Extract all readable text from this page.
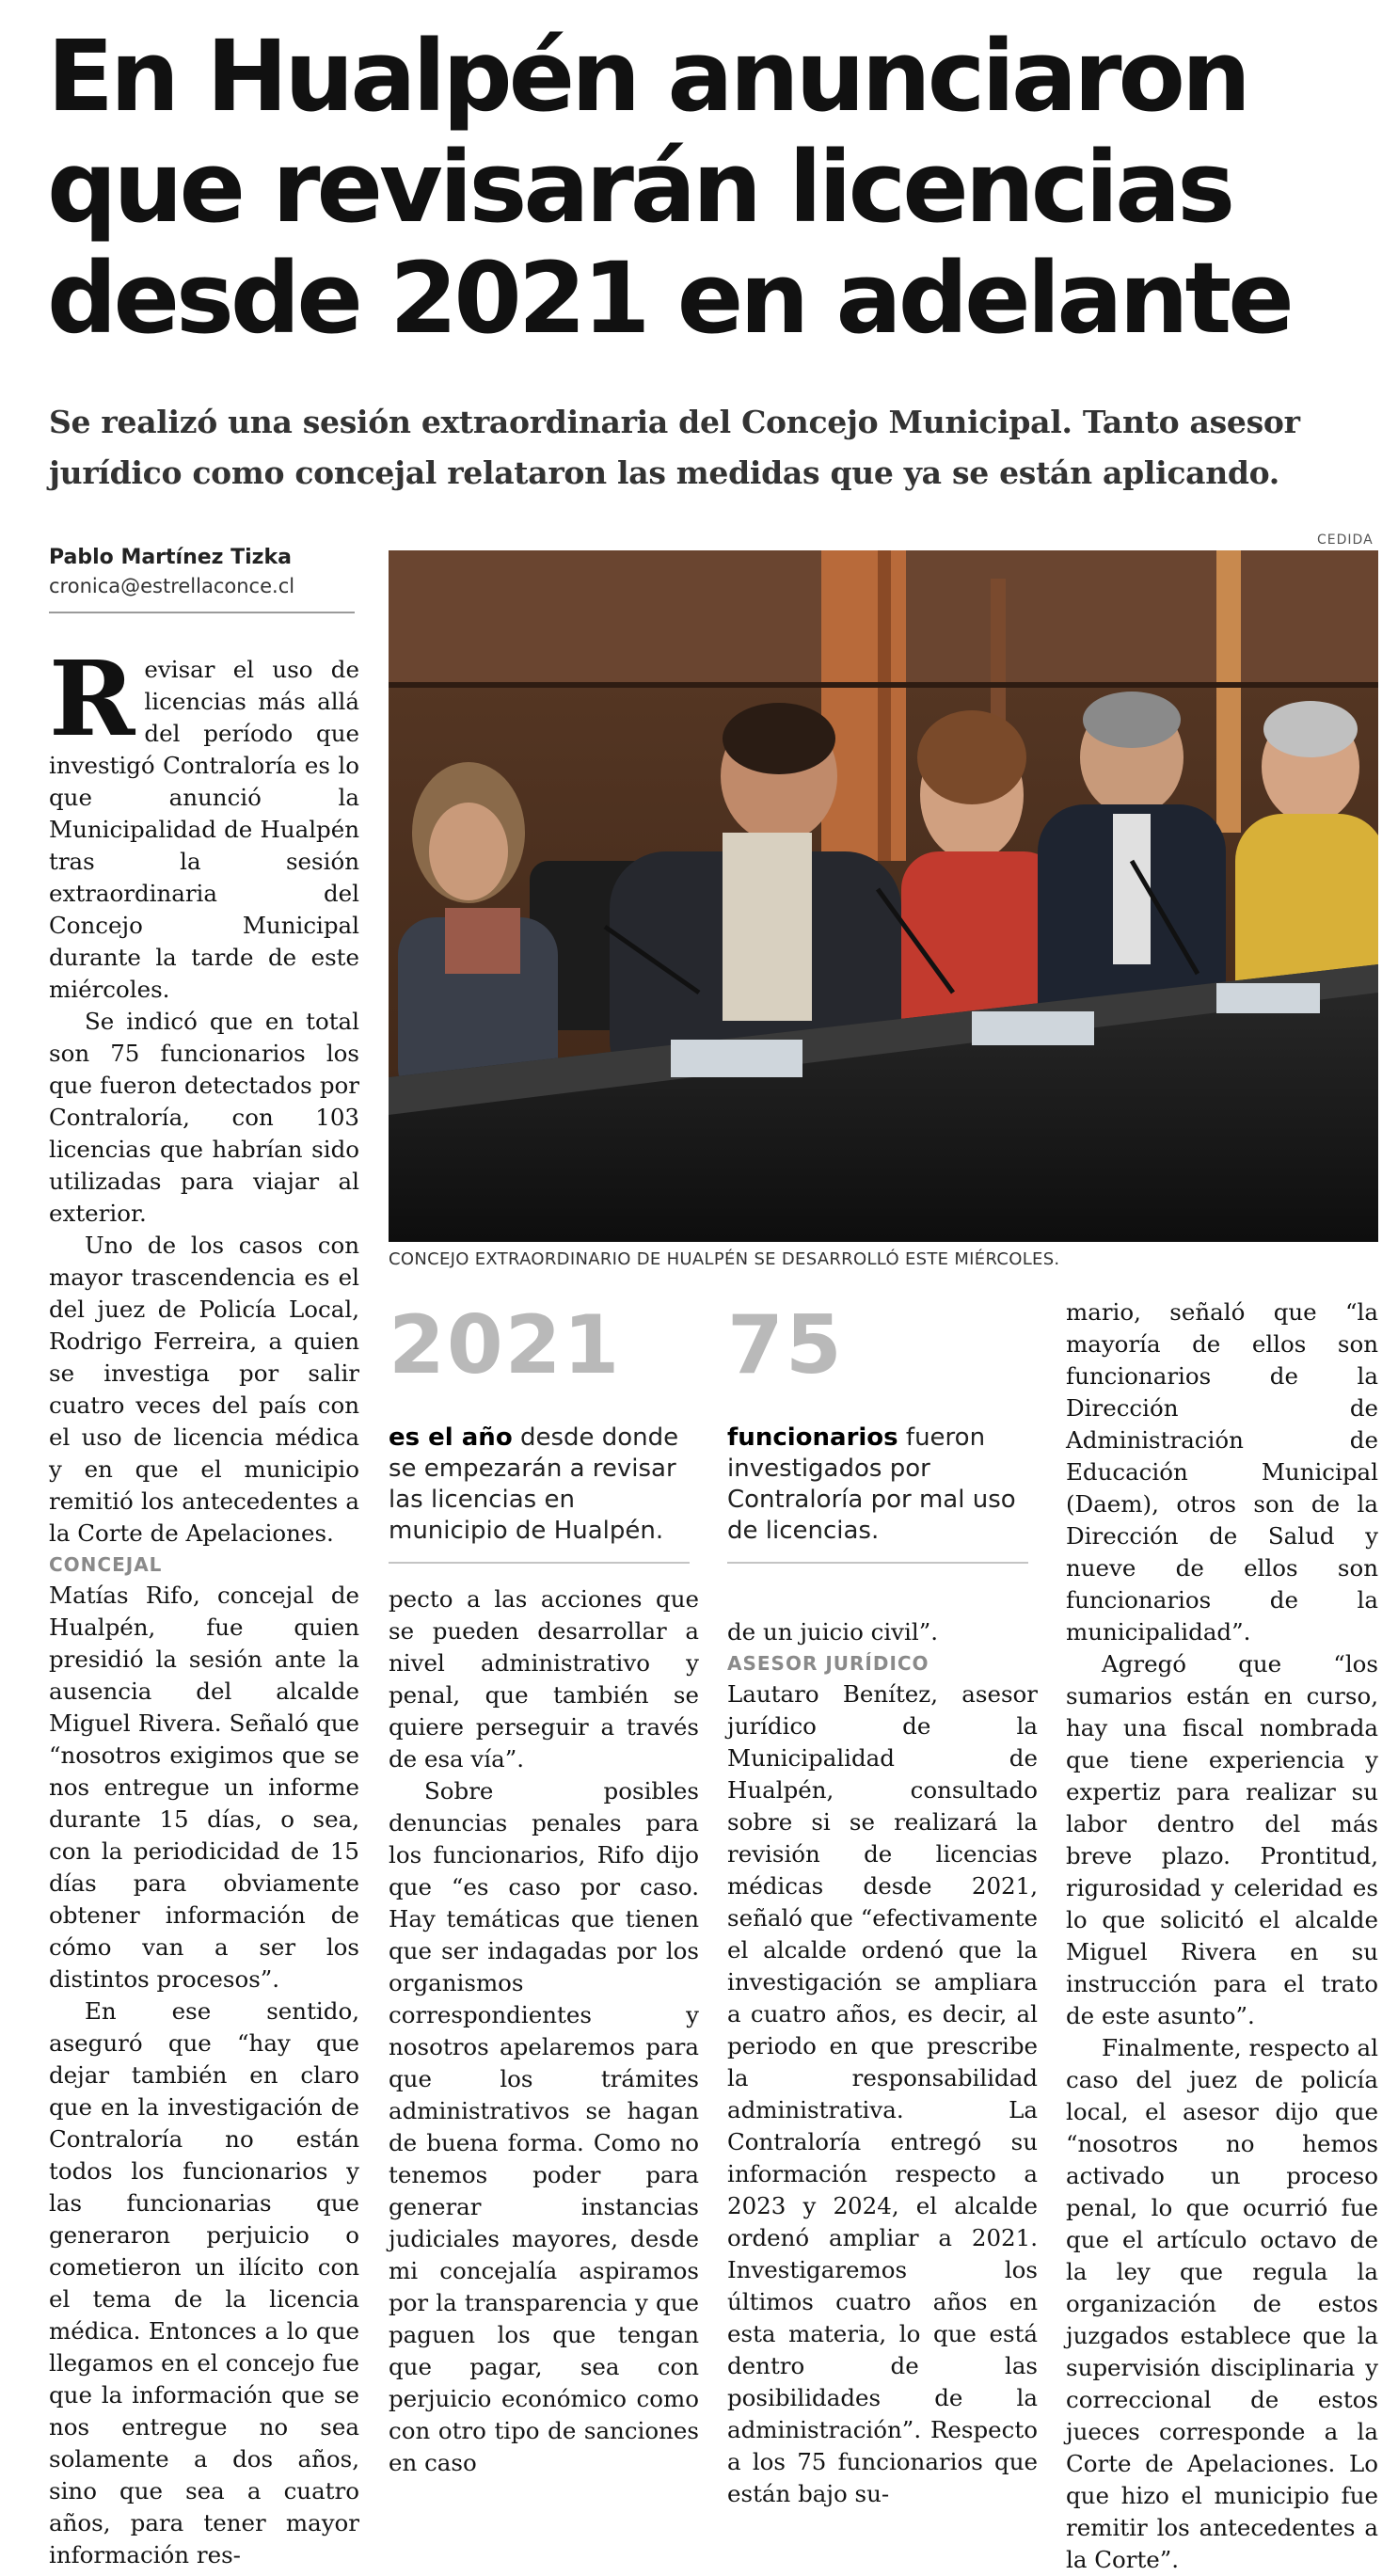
En Hualpén anunciaron
que revisarán licencias
desde 2021 en adelante

Se realizó una sesión extraordinaria del Concejo Municipal. Tanto asesor
jurídico como concejal relataron las medidas que ya se están aplicando.

Pablo Martínez Tizka
cronica@estrellaconce.cl
CEDIDA
CONCEJO EXTRAORDINARIO DE HUALPÉN SE DESARROLLÓ ESTE MIÉRCOLES.

Revisar el uso de licencias más allá del período que investigó Contraloría es lo que anunció la Municipalidad de Hualpén tras la sesión extraordinaria del Concejo Municipal durante la tarde de este miércoles.

Se indicó que en total son 75 funcionarios los que fueron detectados por Contraloría, con 103 licencias que habrían sido utilizadas para viajar al exterior.

Uno de los casos con mayor trascendencia es el del juez de Policía Local, Rodrigo Ferreira, a quien se investiga por salir cuatro veces del país con el uso de licencia médica y en que el municipio remitió los antecedentes a la Corte de Apelaciones.

CONCEJAL

Matías Rifo, concejal de Hualpén, fue quien presidió la sesión ante la ausencia del alcalde Miguel Rivera. Señaló que “nosotros exigimos que se nos entregue un informe durante 15 días, o sea, con la periodicidad de 15 días para obviamente obtener información de cómo van a ser los distintos procesos”.

En ese sentido, aseguró que “hay que dejar también en claro que en la investigación de Contraloría no están todos los funcionarios y las funcionarias que generaron perjuicio o cometieron un ilícito con el tema de la licencia médica. Entonces a lo que llegamos en el concejo fue que la información que se nos entregue no sea solamente a dos años, sino que sea a cuatro años, para tener mayor información res-

2021
es el año desde donde se empezarán a revisar las licencias en municipio de Hualpén.
75
funcionarios fueron investigados por Contraloría por mal uso de licencias.

pecto a las acciones que se pueden desarrollar a nivel administrativo y penal, que también se quiere perseguir a través de esa vía”.

Sobre posibles denuncias penales para los funcionarios, Rifo dijo que “es caso por caso. Hay temáticas que tienen que ser indagadas por los organismos correspondientes y nosotros apelaremos para que los trámites administrativos se hagan de buena forma. Como no tenemos poder para generar instancias judiciales mayores, desde mi concejalía aspiramos por la transparencia y que paguen los que tengan que pagar, sea con perjuicio económico como con otro tipo de sanciones en caso

de un juicio civil”.

ASESOR JURÍDICO

Lautaro Benítez, asesor jurídico de la Municipalidad de Hualpén, consultado sobre si se realizará la revisión de licencias médicas desde 2021, señaló que “efectivamente el alcalde ordenó que la investigación se ampliara a cuatro años, es decir, al periodo en que prescribe la responsabilidad administrativa. La Contraloría entregó su información respecto a 2023 y 2024, el alcalde ordenó ampliar a 2021. Investigaremos los últimos cuatro años en esta materia, lo que está dentro de las posibilidades de la administración”. Respecto a los 75 funcionarios que están bajo su-

mario, señaló que “la mayoría de ellos son funcionarios de la Dirección de Administración de Educación Municipal (Daem), otros son de la Dirección de Salud y nueve de ellos son funcionarios de la municipalidad”.

Agregó que “los sumarios están en curso, hay una fiscal nombrada que tiene experiencia y expertiz para realizar su labor dentro del más breve plazo. Prontitud, rigurosidad y celeridad es lo que solicitó el alcalde Miguel Rivera en su instrucción para el trato de este asunto”.

Finalmente, respecto al caso del juez de policía local, el asesor dijo que “nosotros no hemos activado un proceso penal, lo que ocurrió fue que el artículo octavo de la ley que regula la organización de estos juzgados establece que la supervisión disciplinaria y correccional de estos jueces corresponde a la Corte de Apelaciones. Lo que hizo el municipio fue remitir los antecedentes a la Corte”.
